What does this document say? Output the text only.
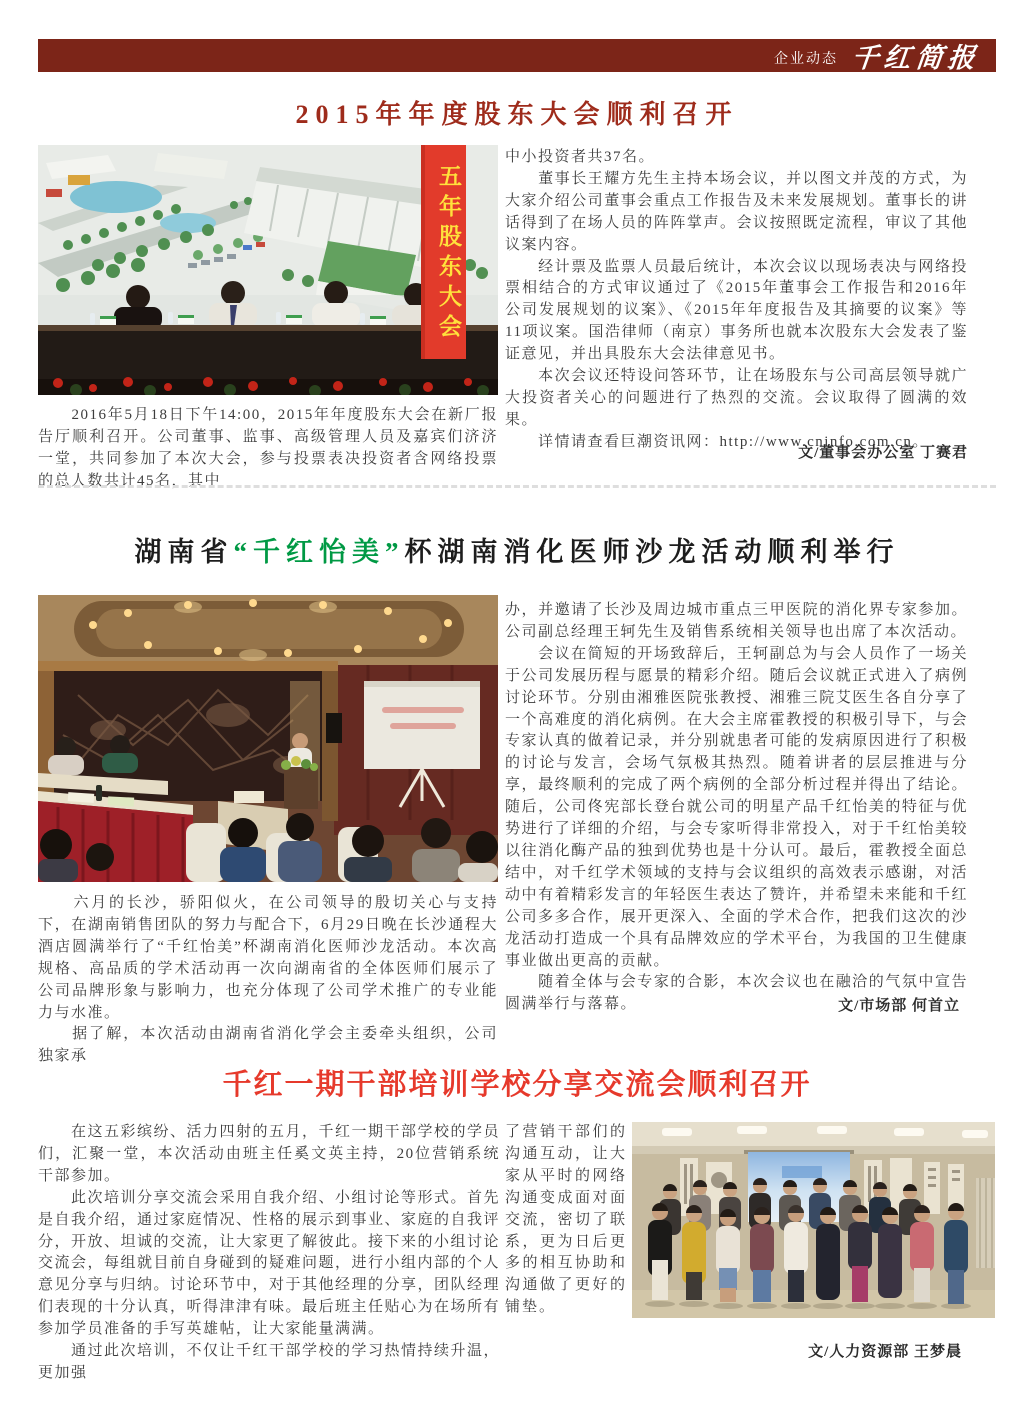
企业动态 千红简报
2015年年度股东大会顺利召开
五年股东大会

　　2016年5月18日下午14:00，2015年年度股东大会在新厂报告厅顺利召开。公司董事、监事、高级管理人员及嘉宾们济济一堂，共同参加了本次大会，参与投票表决投资者含网络投票的总人数共计45名，其中

中小投资者共37名。

　　董事长王耀方先生主持本场会议，并以图文并茂的方式，为大家介绍公司董事会重点工作报告及未来发展规划。董事长的讲话得到了在场人员的阵阵掌声。会议按照既定流程，审议了其他议案内容。

　　经计票及监票人员最后统计，本次会议以现场表决与网络投票相结合的方式审议通过了《2015年董事会工作报告和2016年公司发展规划的议案》、《2015年年度报告及其摘要的议案》等11项议案。国浩律师（南京）事务所也就本次股东大会发表了鉴证意见，并出具股东大会法律意见书。

　　本次会议还特设问答环节，让在场股东与公司高层领导就广大投资者关心的问题进行了热烈的交流。会议取得了圆满的效果。

　　详情请查看巨潮资讯网：http://www.cninfo.com.cn。

文/董事会办公室 丁赛君
湖南省“千红怡美”杯湖南消化医师沙龙活动顺利举行

　　六月的长沙，骄阳似火，在公司领导的殷切关心与支持下，在湖南销售团队的努力与配合下，6月29日晚在长沙通程大酒店圆满举行了“千红怡美”杯湖南消化医师沙龙活动。本次高规格、高品质的学术活动再一次向湖南省的全体医师们展示了公司品牌形象与影响力，也充分体现了公司学术推广的专业能力与水准。

　　据了解，本次活动由湖南省消化学会主委牵头组织，公司独家承

办，并邀请了长沙及周边城市重点三甲医院的消化界专家参加。公司副总经理王轲先生及销售系统相关领导也出席了本次活动。

　　会议在简短的开场致辞后，王轲副总为与会人员作了一场关于公司发展历程与愿景的精彩介绍。随后会议就正式进入了病例讨论环节。分别由湘雅医院张教授、湘雅三院艾医生各自分享了一个高难度的消化病例。在大会主席霍教授的积极引导下，与会专家认真的做着记录，并分别就患者可能的发病原因进行了积极的讨论与发言，会场气氛极其热烈。随着讲者的层层推进与分享，最终顺利的完成了两个病例的全部分析过程并得出了结论。随后，公司佟宪部长登台就公司的明星产品千红怡美的特征与优势进行了详细的介绍，与会专家听得非常投入，对于千红怡美较以往消化酶产品的独到优势也是十分认可。最后，霍教授全面总结中，对千红学术领域的支持与会议组织的高效表示感谢，对活动中有着精彩发言的年轻医生表达了赞许，并希望未来能和千红公司多多合作，展开更深入、全面的学术合作，把我们这次的沙龙活动打造成一个具有品牌效应的学术平台，为我国的卫生健康事业做出更高的贡献。

　　随着全体与会专家的合影，本次会议也在融洽的气氛中宣告圆满举行与落幕。	文/市场部 何首立
千红一期干部培训学校分享交流会顺利召开

　　在这五彩缤纷、活力四射的五月，千红一期干部学校的学员们，汇聚一堂，本次活动由班主任奚文英主持，20位营销系统干部参加。

　　此次培训分享交流会采用自我介绍、小组讨论等形式。首先是自我介绍，通过家庭情况、性格的展示到事业、家庭的自我评分，开放、坦诚的交流，让大家更了解彼此。接下来的小组讨论交流会，每组就目前自身碰到的疑难问题，进行小组内部的个人意见分享与归纳。讨论环节中，对于其他经理的分享，团队经理们表现的十分认真，听得津津有味。最后班主任贴心为在场所有参加学员准备的手写英雄帖，让大家能量满满。

　　通过此次培训，不仅让千红干部学校的学习热情持续升温，更加强

了营销干部们的沟通互动，让大家从平时的网络沟通变成面对面交流，密切了联系，更为日后更多的相互协助和沟通做了更好的铺垫。

文/人力资源部 王梦晨
